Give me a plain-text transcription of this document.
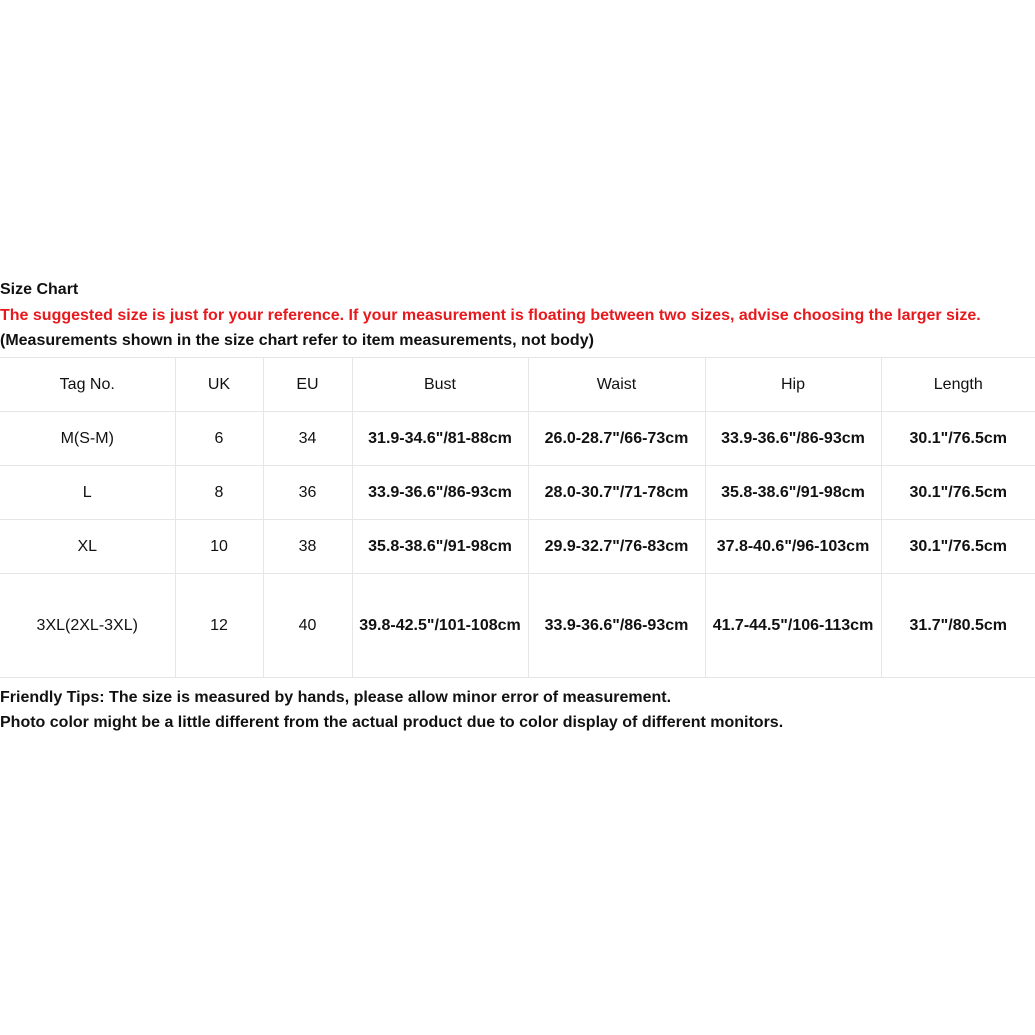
Size Chart
The suggested size is just for your reference. If your measurement is floating between two sizes, advise choosing the larger size.
(Measurements shown in the size chart refer to item measurements, not body)
Tag No.	UK	EU	Bust	Waist	Hip	Length
M(S-M)	6	34	31.9-34.6"/81-88cm	26.0-28.7"/66-73cm	33.9-36.6"/86-93cm	30.1"/76.5cm
L	8	36	33.9-36.6"/86-93cm	28.0-30.7"/71-78cm	35.8-38.6"/91-98cm	30.1"/76.5cm
XL	10	38	35.8-38.6"/91-98cm	29.9-32.7"/76-83cm	37.8-40.6"/96-103cm	30.1"/76.5cm
3XL(2XL-3XL)	12	40	39.8-42.5"/101-108cm	33.9-36.6"/86-93cm	41.7-44.5"/106-113cm	31.7"/80.5cm
Friendly Tips: The size is measured by hands, please allow minor error of measurement.
Photo color might be a little different from the actual product due to color display of different monitors.
